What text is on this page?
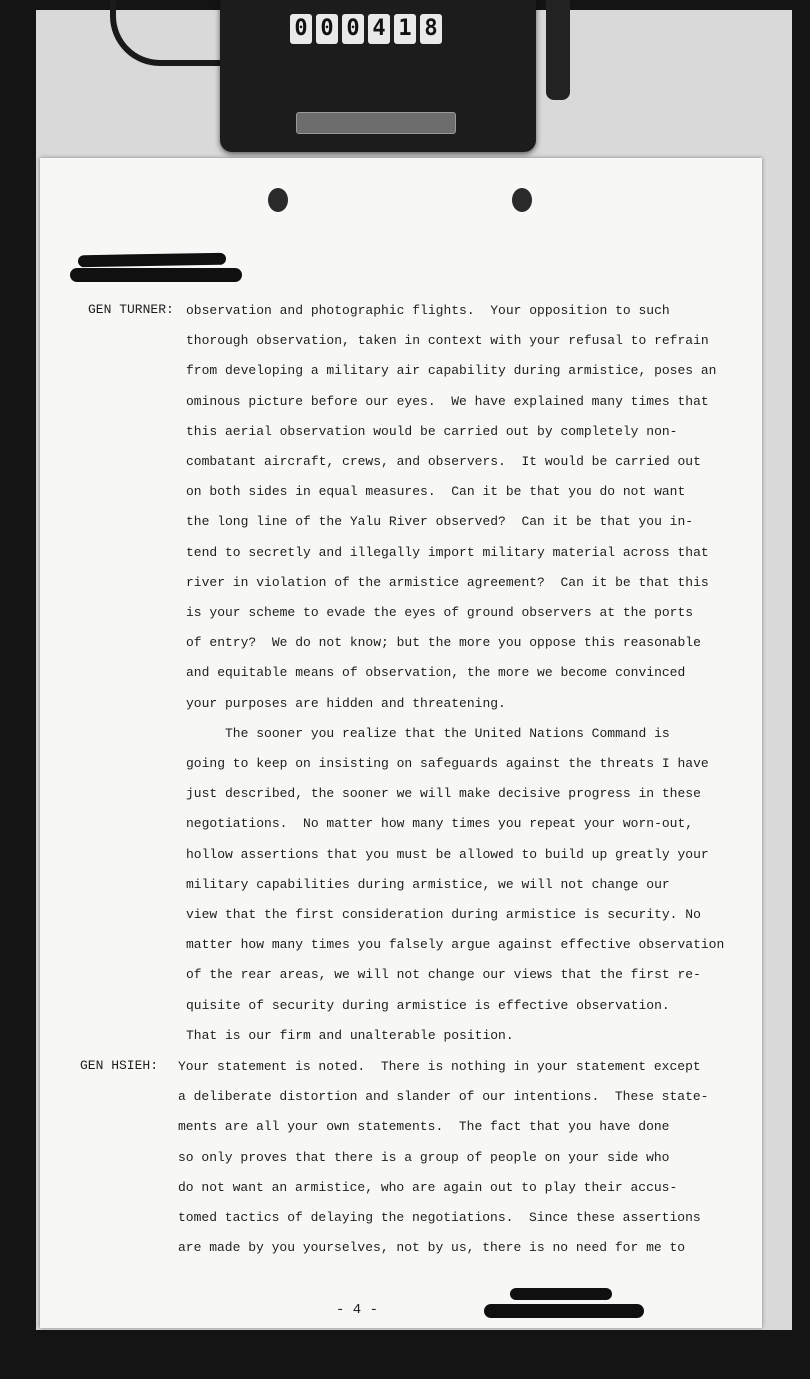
0 0 0 4 1 8
GEN TURNER: observation and photographic flights.  Your opposition to such
thorough observation, taken in context with your refusal to refrain
from developing a military air capability during armistice, poses an
ominous picture before our eyes.  We have explained many times that
this aerial observation would be carried out by completely non-
combatant aircraft, crews, and observers.  It would be carried out
on both sides in equal measures.  Can it be that you do not want
the long line of the Yalu River observed?  Can it be that you in-
tend to secretly and illegally import military material across that
river in violation of the armistice agreement?  Can it be that this
is your scheme to evade the eyes of ground observers at the ports
of entry?  We do not know; but the more you oppose this reasonable
and equitable means of observation, the more we become convinced
your purposes are hidden and threatening.
The sooner you realize that the United Nations Command is
going to keep on insisting on safeguards against the threats I have
just described, the sooner we will make decisive progress in these
negotiations.  No matter how many times you repeat your worn-out,
hollow assertions that you must be allowed to build up greatly your
military capabilities during armistice, we will not change our
view that the first consideration during armistice is security. No
matter how many times you falsely argue against effective observation
of the rear areas, we will not change our views that the first re-
quisite of security during armistice is effective observation.
That is our firm and unalterable position.
GEN HSIEH: Your statement is noted.  There is nothing in your statement except
a deliberate distortion and slander of our intentions.  These state-
ments are all your own statements.  The fact that you have done
so only proves that there is a group of people on your side who
do not want an armistice, who are again out to play their accus-
tomed tactics of delaying the negotiations.  Since these assertions
are made by you yourselves, not by us, there is no need for me to
- 4 -
